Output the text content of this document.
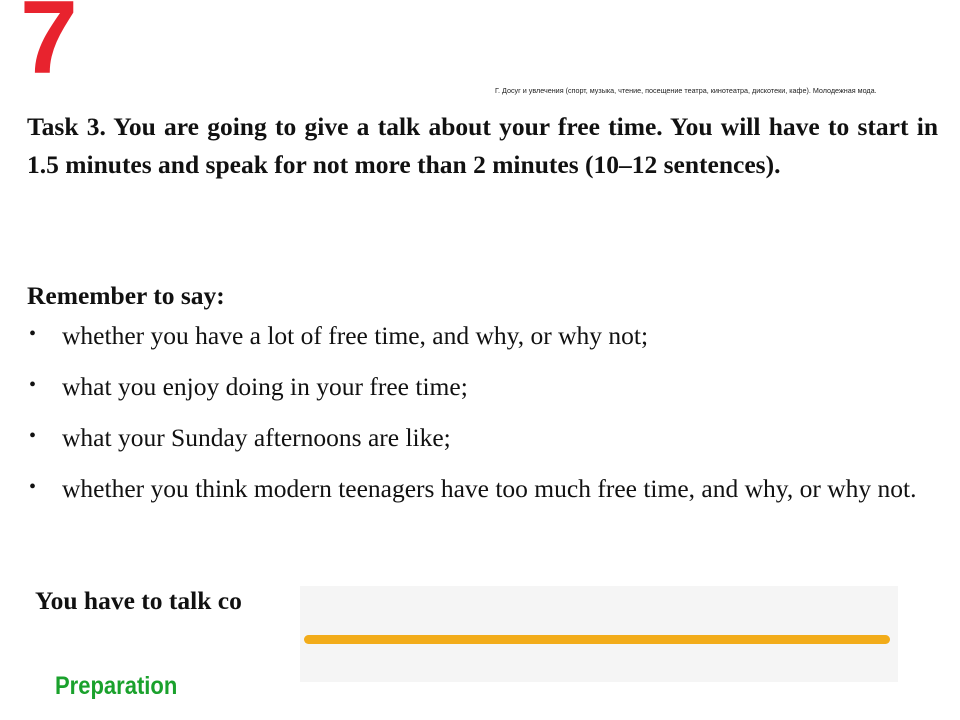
7	Г. Досуг и увлечения (спорт, музыка, чтение, посещение театра, кинотеатра, дискотеки, кафе). Молодежная мода.
Task 3. You are going to give a talk about your free time. You will have to start in 1.5 minutes and speak for not more than 2 minutes (10–12 sentences).
Remember to say:
• whether you have a lot of free time, and why, or why not;
• what you enjoy doing in your free time;
• what your Sunday afternoons are like;
• whether you think modern teenagers have too much free time, and why, or why not.
You have to talk co
Preparation
